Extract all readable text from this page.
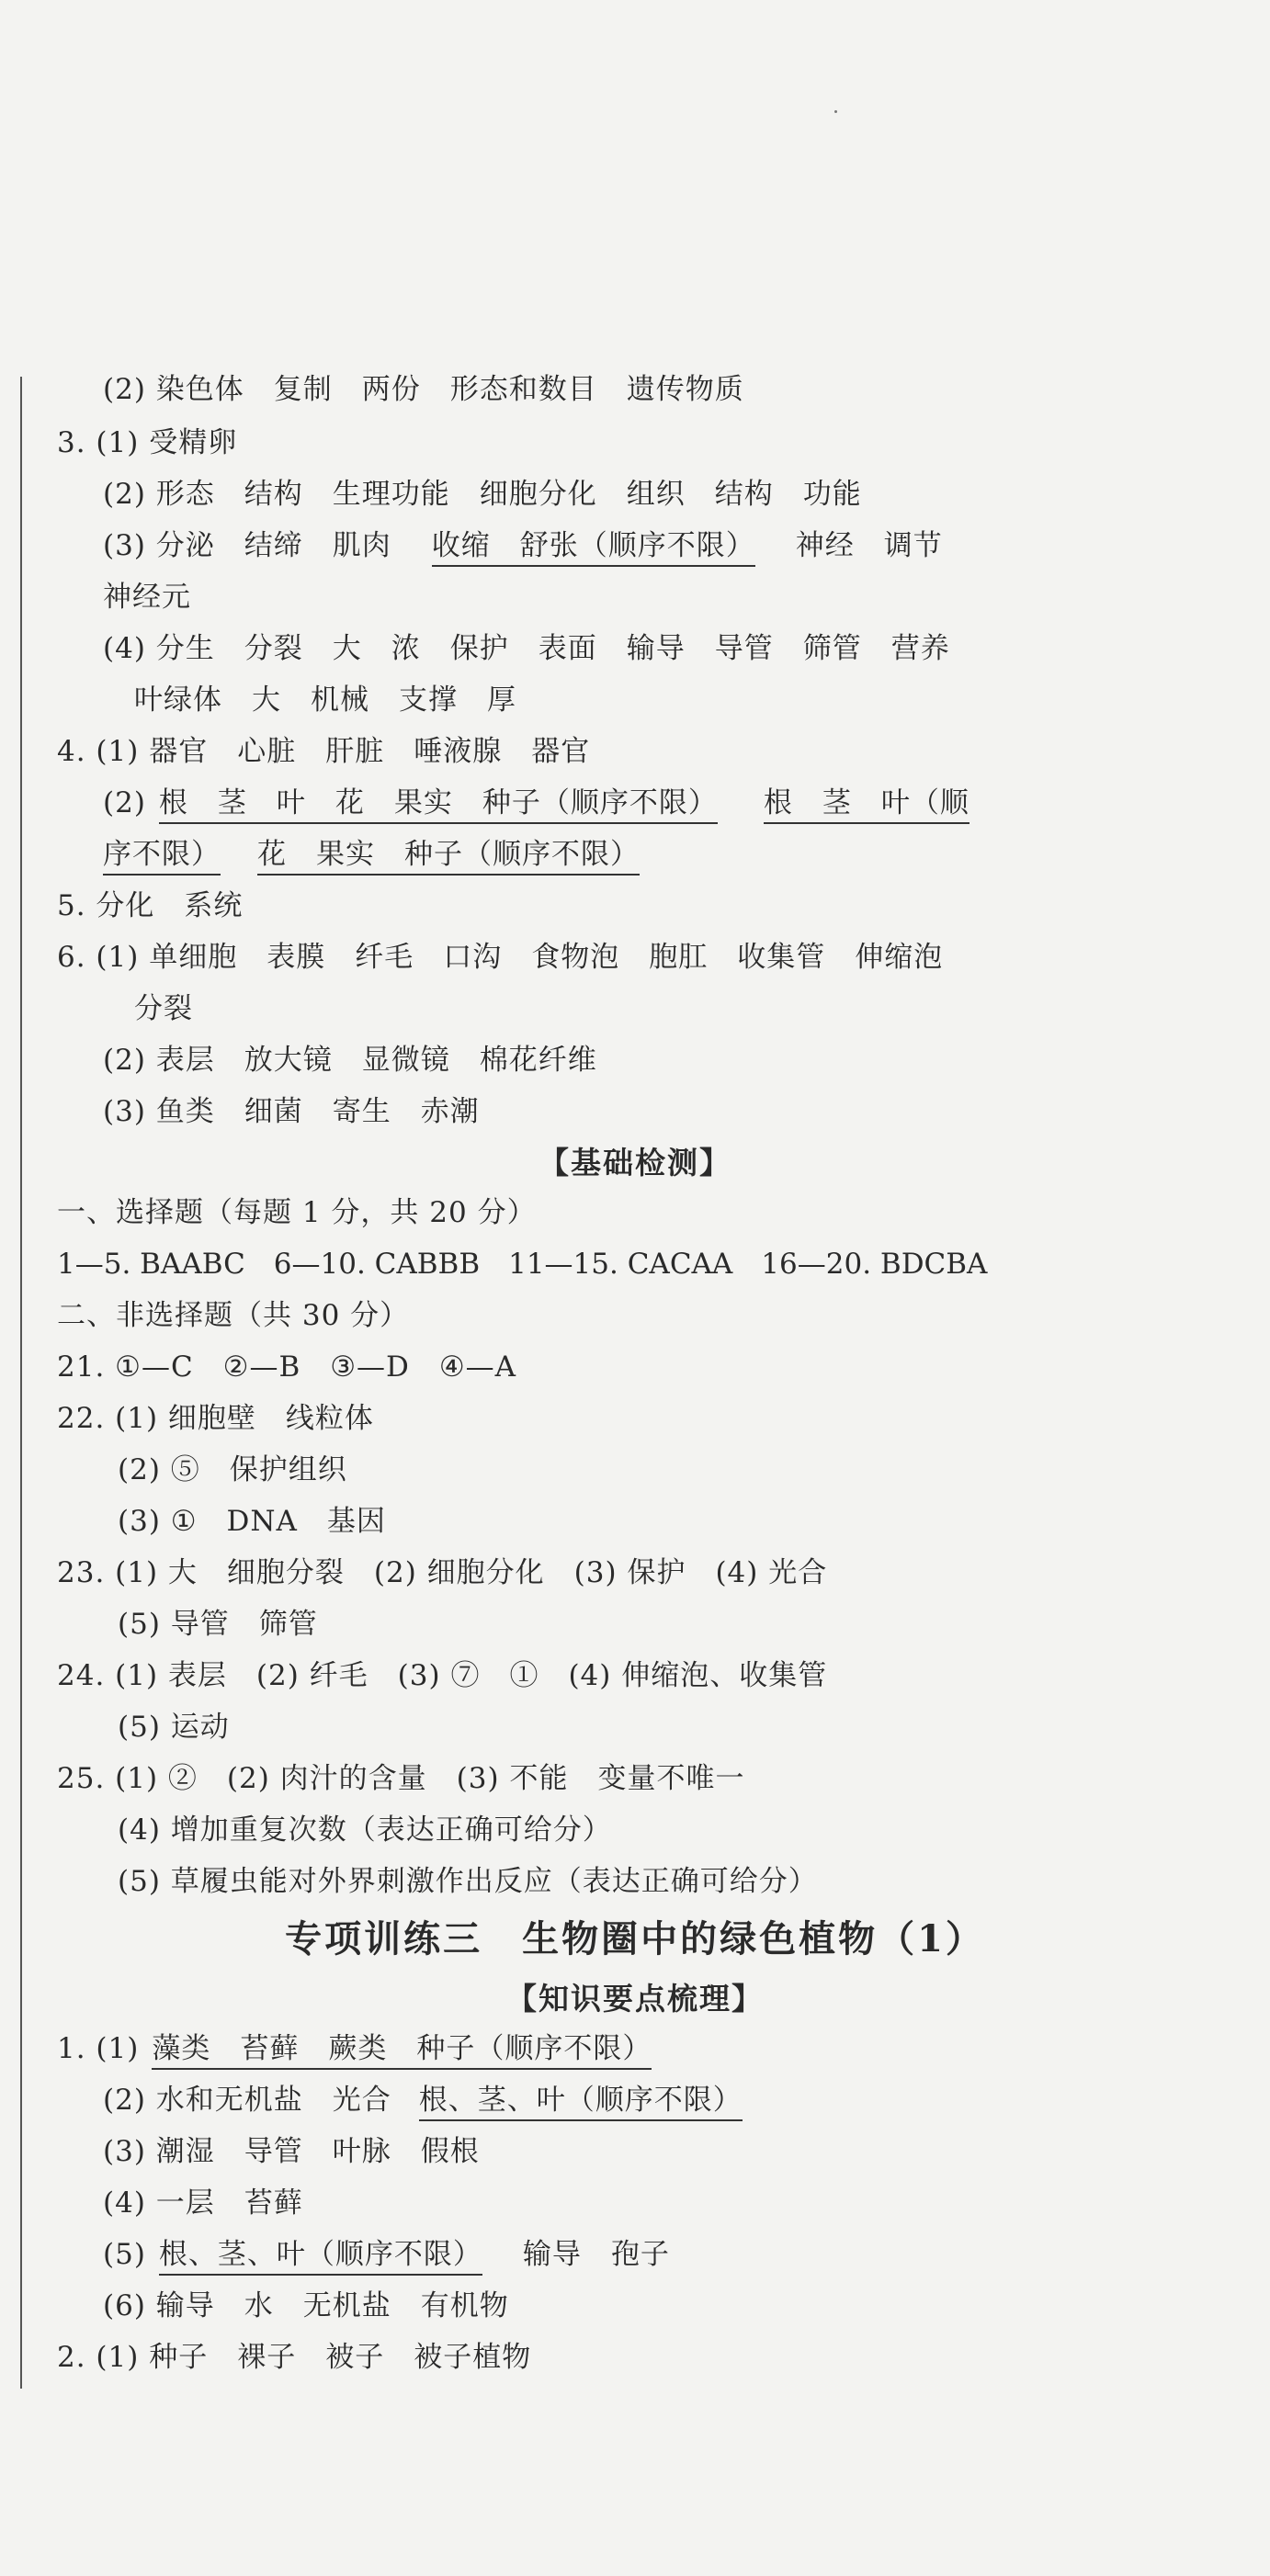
(2) 染色体　复制　两份　形态和数目　遗传物质
3. (1) 受精卵
(2) 形态　结构　生理功能　细胞分化　组织　结构　功能
(3) 分泌　结缔　肌肉 收缩　舒张（顺序不限） 神经　调节
神经元
(4) 分生　分裂　大　浓　保护　表面　输导　导管　筛管　营养
叶绿体　大　机械　支撑　厚
4. (1) 器官　心脏　肝脏　唾液腺　器官
(2) 根　茎　叶　花　果实　种子（顺序不限） 根　茎　叶（顺
序不限） 花　果实　种子（顺序不限）
5. 分化　系统
6. (1) 单细胞　表膜　纤毛　口沟　食物泡　胞肛　收集管　伸缩泡
分裂
(2) 表层　放大镜　显微镜　棉花纤维
(3) 鱼类　细菌　寄生　赤潮
【基础检测】
一、选择题（每题 1 分，共 20 分）
1—5. BAABC　6—10. CABBB　11—15. CACAA　16—20. BDCBA
二、非选择题（共 30 分）
21. ①—C　②—B　③—D　④—A
22. (1) 细胞壁　线粒体
(2) ⑤　保护组织
(3) ①　DNA　基因
23. (1) 大　细胞分裂　(2) 细胞分化　(3) 保护　(4) 光合
(5) 导管　筛管
24. (1) 表层　(2) 纤毛　(3) ⑦　①　(4) 伸缩泡、收集管
(5) 运动
25. (1) ②　(2) 肉汁的含量　(3) 不能　变量不唯一
(4) 增加重复次数（表达正确可给分）
(5) 草履虫能对外界刺激作出反应（表达正确可给分）
专项训练三　生物圈中的绿色植物（1）
【知识要点梳理】
1. (1) 藻类　苔藓　蕨类　种子（顺序不限）
(2) 水和无机盐　光合 根、茎、叶（顺序不限）
(3) 潮湿　导管　叶脉　假根
(4) 一层　苔藓
(5) 根、茎、叶（顺序不限） 输导　孢子
(6) 输导　水　无机盐　有机物
2. (1) 种子　裸子　被子　被子植物
